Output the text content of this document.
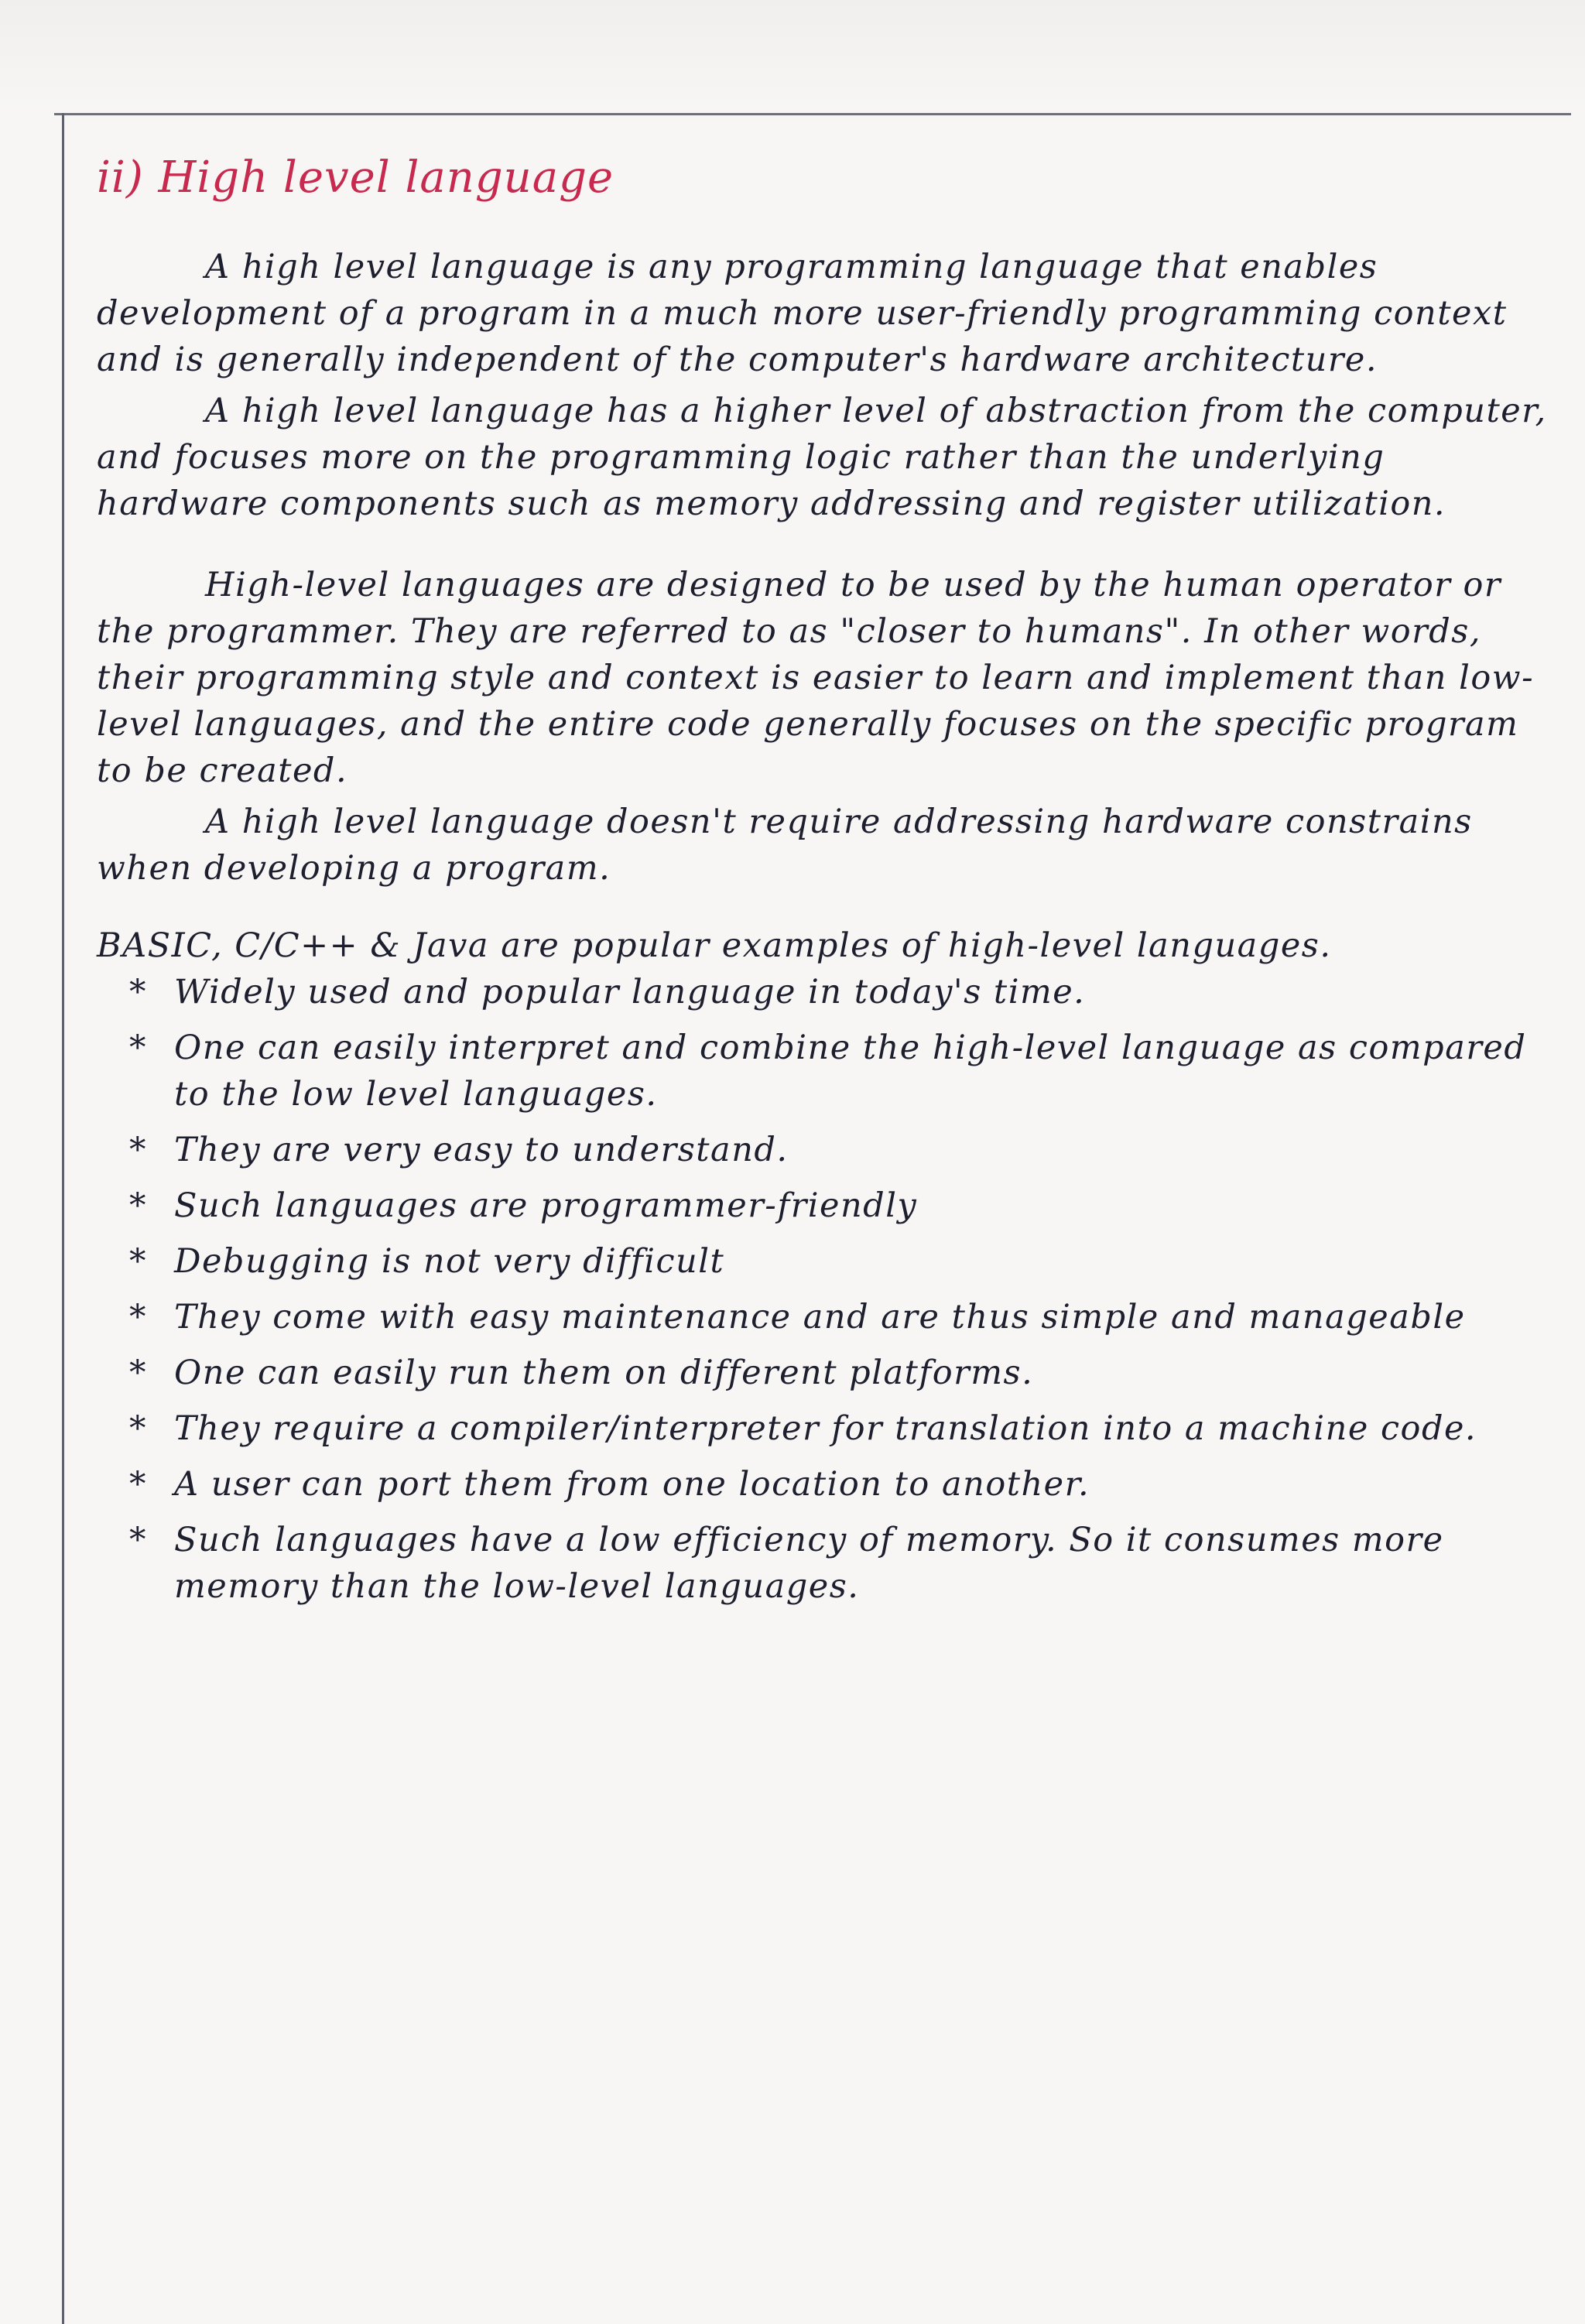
ii) High level language

A high level language is any programming language that enables development of a program in a much more user-friendly programming context and is generally independent of the computer's hardware architecture.

A high level language has a higher level of abstraction from the computer, and focuses more on the programming logic rather than the underlying hardware components such as memory addressing and register utilization.

High-level languages are designed to be used by the human operator or the programmer. They are referred to as "closer to humans". In other words, their programming style and context is easier to learn and implement than low-level languages, and the entire code generally focuses on the specific program to be created.

A high level language doesn't require addressing hardware constrains when developing a program.

BASIC, C/C++ & Java are popular examples of high-level languages.

* Widely used and popular language in today's time.
* One can easily interpret and combine the high-level language as compared to the low level languages.
* They are very easy to understand.
* Such languages are programmer-friendly
* Debugging is not very difficult
* They come with easy maintenance and are thus simple and manageable
* One can easily run them on different platforms.
* They require a compiler/interpreter for translation into a machine code.
* A user can port them from one location to another.
* Such languages have a low efficiency of memory. So it consumes more memory than the low-level languages.
